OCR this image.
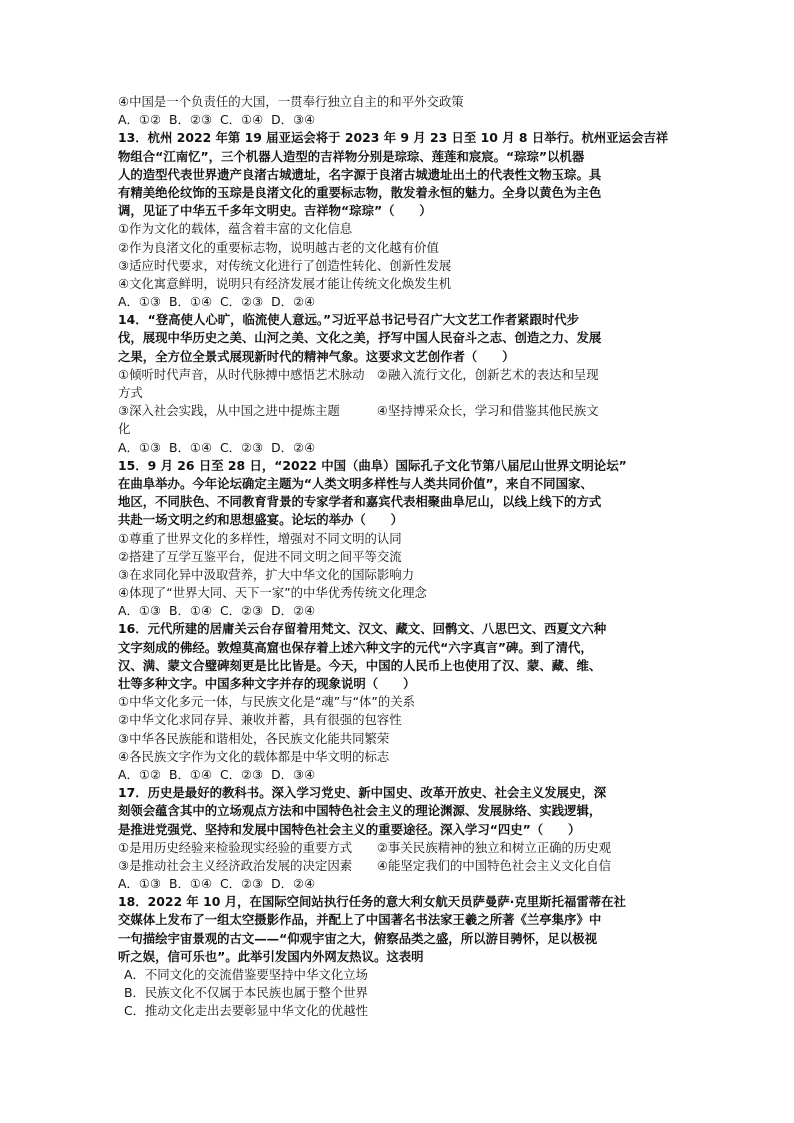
④中国是一个负责任的大国，一贯奉行独立自主的和平外交政策
A．①②  B．②③  C．①④  D．③④
13．杭州 2022 年第 19 届亚运会将于 2023 年 9 月 23 日至 10 月 8 日举行。杭州亚运会吉祥
物组合“江南忆”，三个机器人造型的吉祥物分别是琮琮、莲莲和宸宸。“琮琮”以机器
人的造型代表世界遗产良渚古城遗址，名字源于良渚古城遗址出土的代表性文物玉琮。具
有精美绝伦纹饰的玉琮是良渚文化的重要标志物，散发着永恒的魅力。全身以黄色为主色
调，见证了中华五千多年文明史。吉祥物“琮琮”（　　）
①作为文化的载体，蕴含着丰富的文化信息
②作为良渚文化的重要标志物，说明越古老的文化越有价值
③适应时代要求，对传统文化进行了创造性转化、创新性发展
④文化寓意鲜明，说明只有经济发展才能让传统文化焕发生机
A．①③  B．①④  C．②③  D．②④
14．“登高使人心旷，临流使人意远。”习近平总书记号召广大文艺工作者紧跟时代步
伐，展现中华历史之美、山河之美、文化之美，抒写中国人民奋斗之志、创造之力、发展
之果，全方位全景式展现新时代的精神气象。这要求文艺创作者（　　）
①倾听时代声音，从时代脉搏中感悟艺术脉动　②融入流行文化，创新艺术的表达和呈现
方式
③深入社会实践，从中国之进中提炼主题　　　④坚持博采众长，学习和借鉴其他民族文
化
A．①③  B．①④  C．②③  D．②④
15．9 月 26 日至 28 日，“2022 中国（曲阜）国际孔子文化节第八届尼山世界文明论坛”
在曲阜举办。今年论坛确定主题为“人类文明多样性与人类共同价值”，来自不同国家、
地区，不同肤色、不同教育背景的专家学者和嘉宾代表相聚曲阜尼山，以线上线下的方式
共赴一场文明之约和思想盛宴。论坛的举办（　　）
①尊重了世界文化的多样性，增强对不同文明的认同
②搭建了互学互鉴平台，促进不同文明之间平等交流
③在求同化异中汲取营养，扩大中华文化的国际影响力
④体现了“世界大同、天下一家”的中华优秀传统文化理念
A．①③  B．①④  C．②③  D．②④
16．元代所建的居庸关云台存留着用梵文、汉文、藏文、回鹘文、八思巴文、西夏文六种
文字刻成的佛经。敦煌莫高窟也保存着上述六种文字的元代“六字真言”碑。到了清代，
汉、满、蒙文合璧碑刻更是比比皆是。今天，中国的人民币上也使用了汉、蒙、藏、维、
壮等多种文字。中国多种文字并存的现象说明（　　）
①中华文化多元一体，与民族文化是“魂”与“体”的关系
②中华文化求同存异、兼收并蓄，具有很强的包容性
③中华各民族能和谐相处，各民族文化能共同繁荣
④各民族文字作为文化的载体都是中华文明的标志
A．①②  B．①④  C．②③  D．③④
17．历史是最好的教科书。深入学习党史、新中国史、改革开放史、社会主义发展史，深
刻领会蕴含其中的立场观点方法和中国特色社会主义的理论渊源、发展脉络、实践逻辑，
是推进党强党、坚持和发展中国特色社会主义的重要途径。深入学习“四史”（　　）
①是用历史经验来检验现实经验的重要方式　　②事关民族精神的独立和树立正确的历史观
③是推动社会主义经济政治发展的决定因素　　④能坚定我们的中国特色社会主义文化自信
A．①③  B．①④  C．②③  D．②④
18．2022 年 10 月，在国际空间站执行任务的意大利女航天员萨曼萨·克里斯托福雷蒂在社
交媒体上发布了一组太空摄影作品，并配上了中国著名书法家王羲之所著《兰亭集序》中
一句描绘宇宙景观的古文——“仰观宇宙之大，俯察品类之盛，所以游目骋怀，足以极视
听之娱，信可乐也”。此举引发国内外网友热议。这表明
A．不同文化的交流借鉴要坚持中华文化立场
B．民族文化不仅属于本民族也属于整个世界
C．推动文化走出去要彰显中华文化的优越性
